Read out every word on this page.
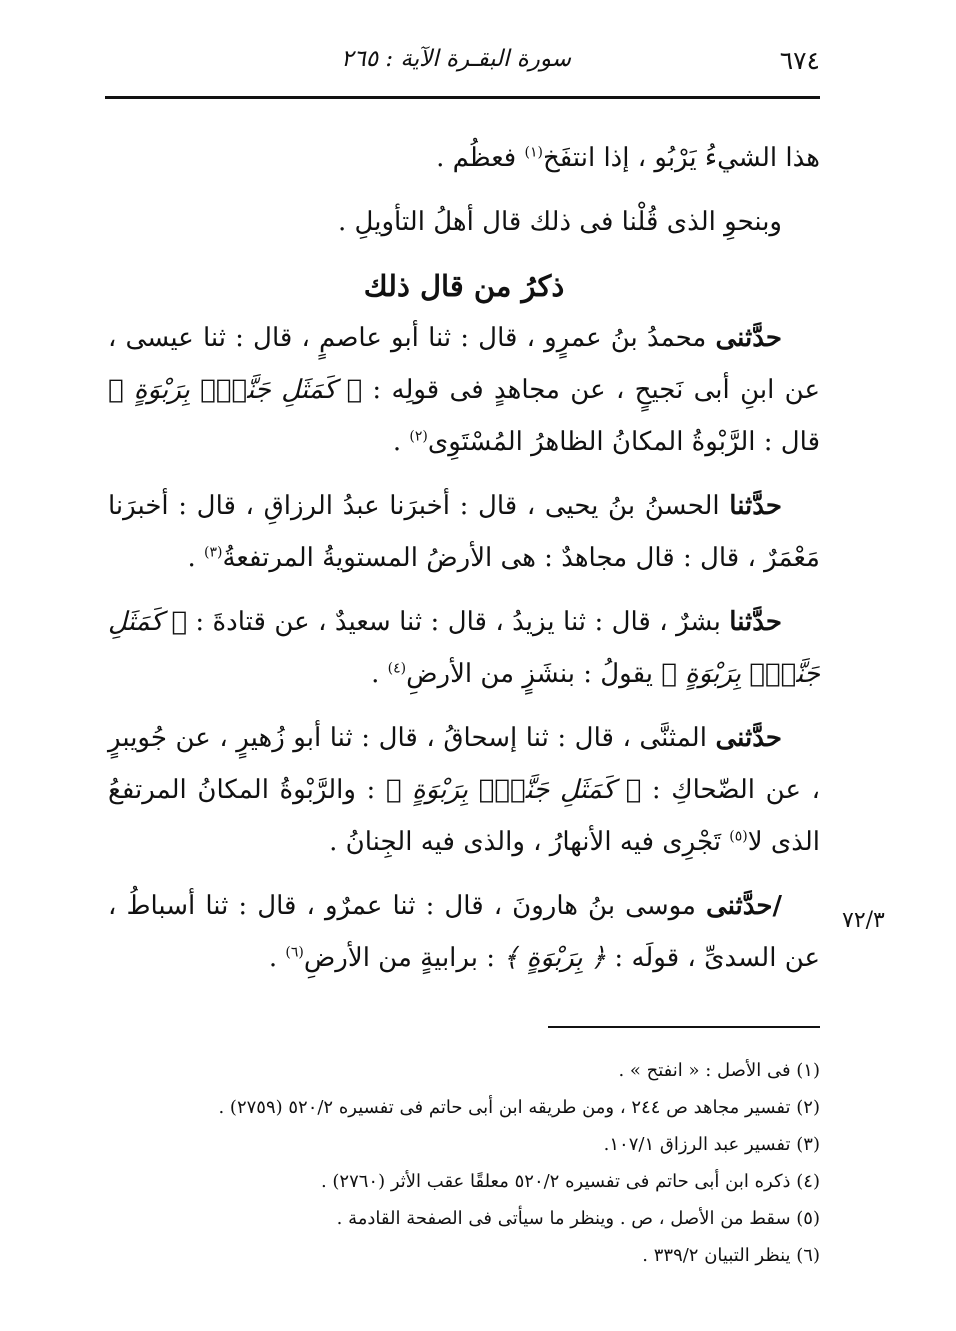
٦٧٤
سورة البقـرة الآية : ٢٦٥

هذا الشيءُ يَرْبُو ، إذا انتفَخ$^{(١)}$ فعظُم .

وبنحوِ الذى قُلْنا فى ذلك قال أهلُ التأويلِ .

ذكرُ من قال ذلك

حدَّثنى محمدُ بنُ عمرٍو ، قال : ثنا أبو عاصمٍ ، قال : ثنا عيسى ، عن ابنِ أبى نَجيحٍ ، عن مجاهدٍ فى قولِه : ﴿ كَمَثَلِ جَنَّةِۭ بِرَبْوَةٍ ﴾ قال : الرَّبْوةُ المكانُ الظاهرُ المُسْتَوِى$^{(٢)}$ .

حدَّثنا الحسنُ بنُ يحيى ، قال : أخبرَنا عبدُ الرزاقِ ، قال : أخبرَنا مَعْمَرٌ ، قال : قال مجاهدٌ : هى الأرضُ المستويةُ المرتفعةُ$^{(٣)}$ .

حدَّثنا بشرٌ ، قال : ثنا يزيدُ ، قال : ثنا سعيدٌ ، عن قتادةَ : ﴿ كَمَثَلِ جَنَّةِۭ بِرَبْوَةٍ ﴾ يقولُ : بنشَزٍ من الأرضِ$^{(٤)}$ .

حدَّثنى المثنَّى ، قال : ثنا إسحاقُ ، قال : ثنا أبو زُهيرٍ ، عن جُويبرٍ ، عن الضّحاكِ : ﴿ كَمَثَلِ جَنَّةِۭ بِرَبْوَةٍ ﴾ : والرَّبْوةُ المكانُ المرتفعُ الذى لا$^{(٥)}$ تَجْرِى فيه الأنهارُ ، والذى فيه الجِنانُ .

/حدَّثنى موسى بنُ هارونَ ، قال : ثنا عمرٌو ، قال : ثنا أسباطُ ، عن السدىِّ ، قولَه : ﴿ بِرَبْوَةٍ ﴾ : برابيةٍ من الأرضِ$^{(٦)}$ .

٧٢/٣
(١) فى الأصل : « انفتح » .
(٢) تفسير مجاهد ص ٢٤٤ ، ومن طريقه ابن أبى حاتم فى تفسيره ٥٢٠/٢ (٢٧٥٩) .
(٣) تفسير عبد الرزاق ١٠٧/١.
(٤) ذكره ابن أبى حاتم فى تفسيره ٥٢٠/٢ معلقًا عقب الأثر (٢٧٦٠) .
(٥) سقط من الأصل ، ص . وينظر ما سيأتى فى الصفحة القادمة .
(٦) ينظر التبيان ٣٣٩/٢ .
